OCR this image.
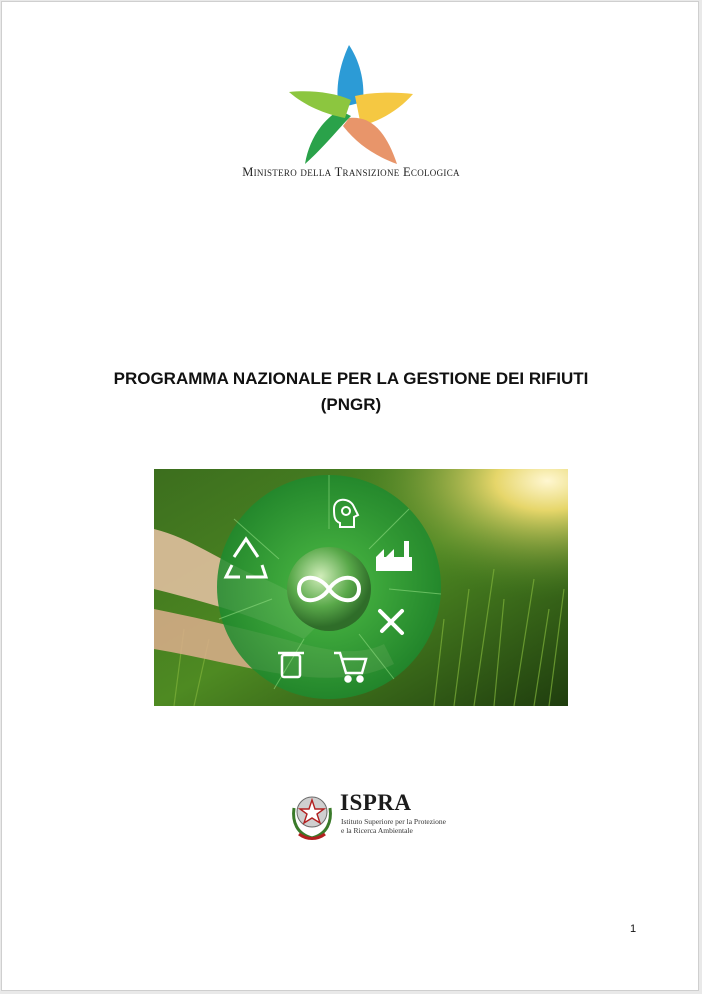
Ministero della Transizione Ecologica
PROGRAMMA NAZIONALE PER LA GESTIONE DEI RIFIUTI
(PNGR)
ISPRA
Istituto Superiore per la Protezione
e la Ricerca Ambientale
1
